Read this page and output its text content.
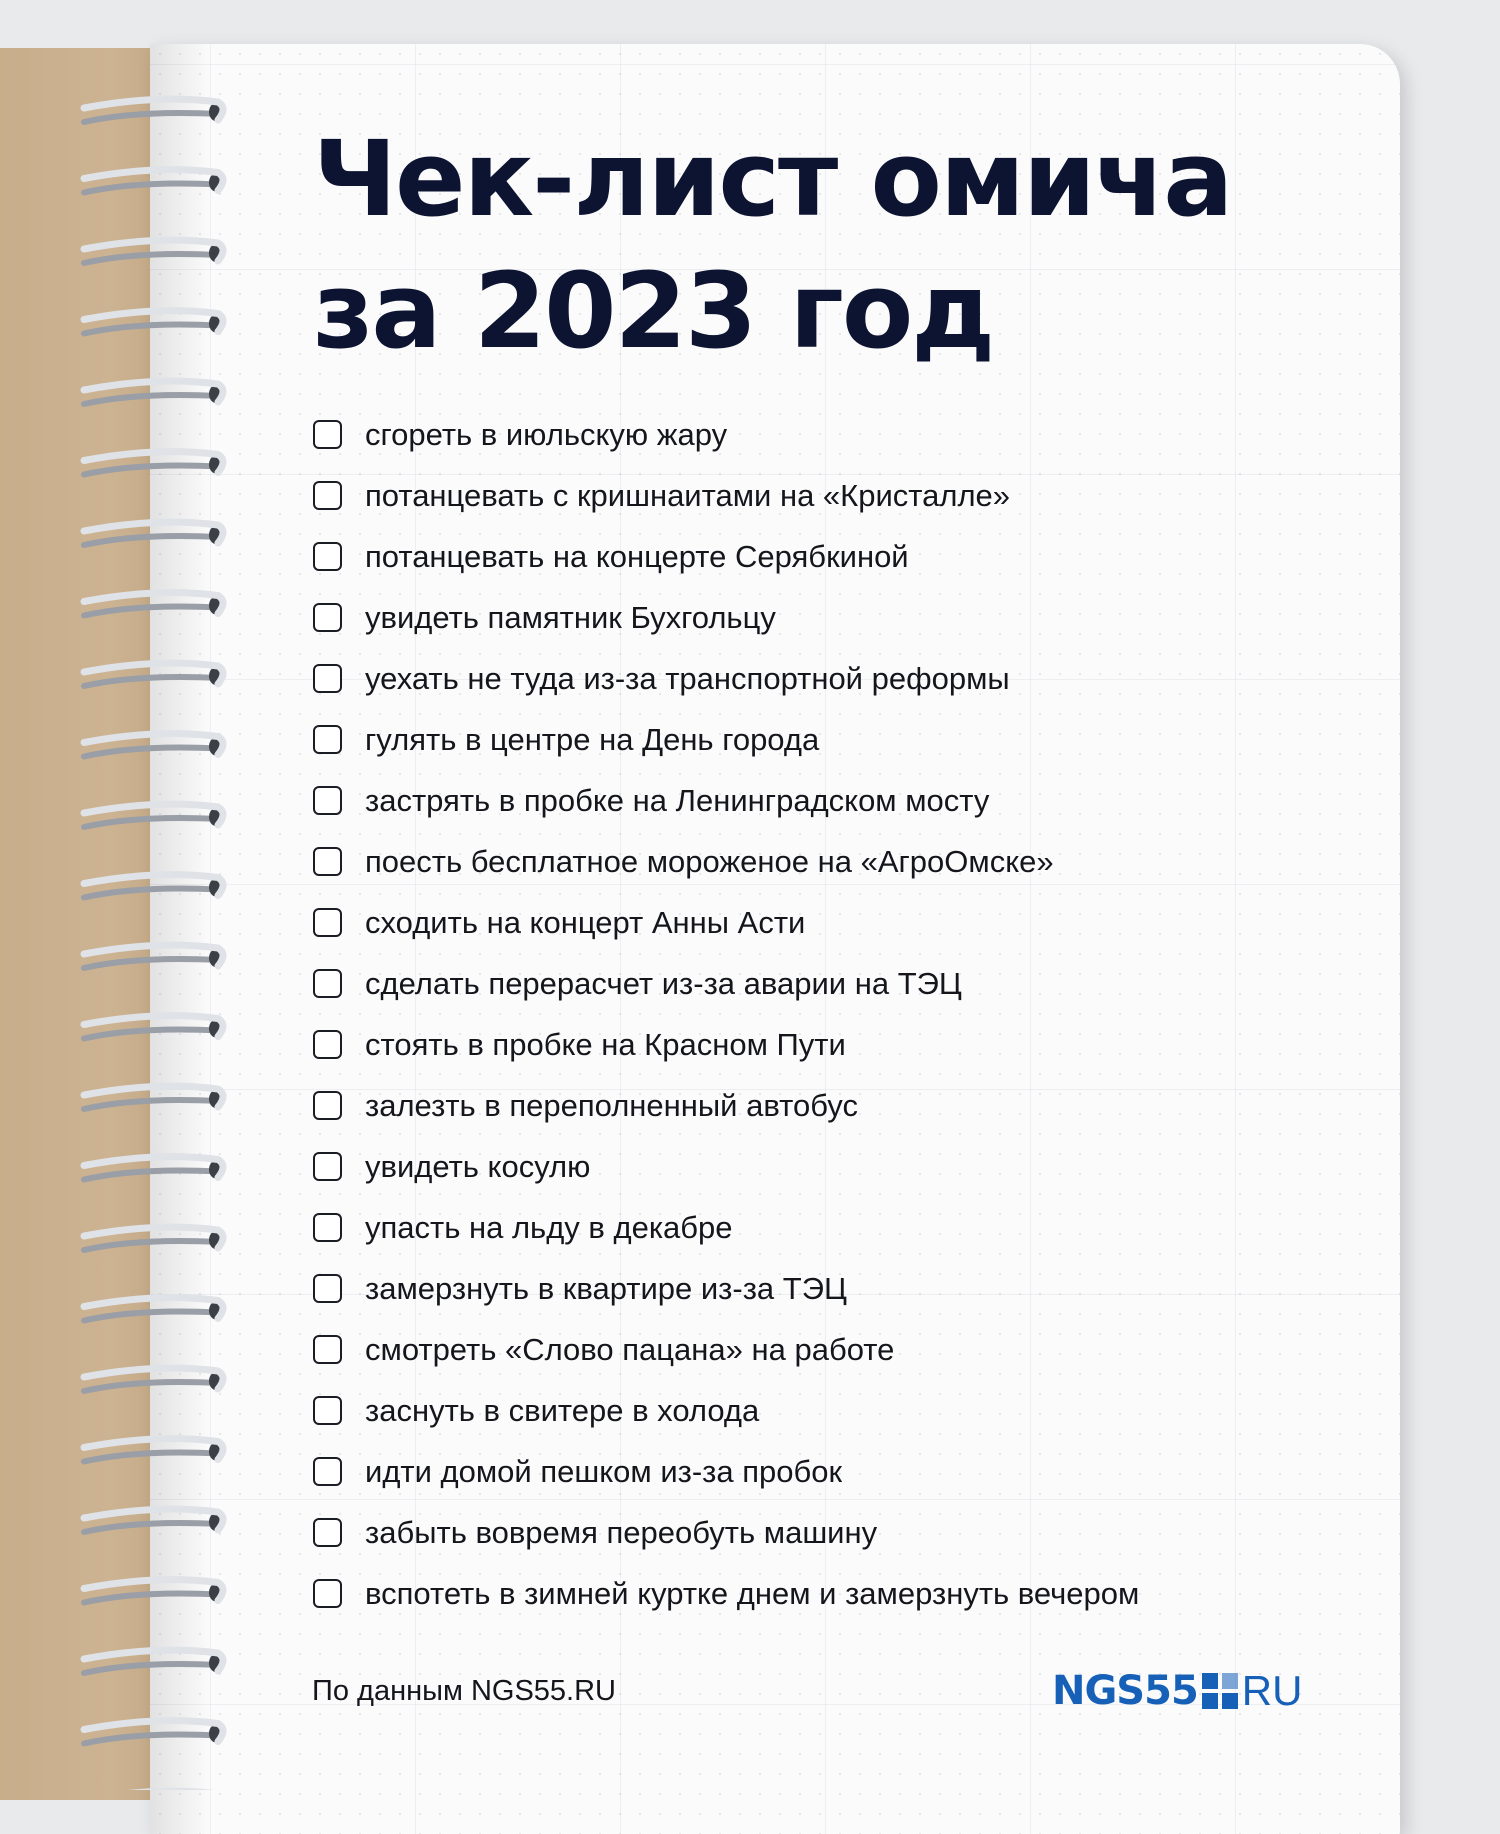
Чек-лист омича
за 2023 год
сгореть в июльскую жару
потанцевать с кришнаитами на «Кристалле»
потанцевать на концерте Серябкиной
увидеть памятник Бухгольцу
уехать не туда из-за транспортной реформы
гулять в центре на День города
застрять в пробке на Ленинградском мосту
поесть бесплатное мороженое на «АгроОмске»
сходить на концерт Анны Асти
сделать перерасчет из-за аварии на ТЭЦ
стоять в пробке на Красном Пути
залезть в переполненный автобус
увидеть косулю
упасть на льду в декабре
замерзнуть в квартире из-за ТЭЦ
смотреть «Слово пацана» на работе
заснуть в свитере в холода
идти домой пешком из-за пробок
забыть вовремя переобуть машину
вспотеть в зимней куртке днем и замерзнуть вечером
По данным NGS55.RU	NGS55 RU
